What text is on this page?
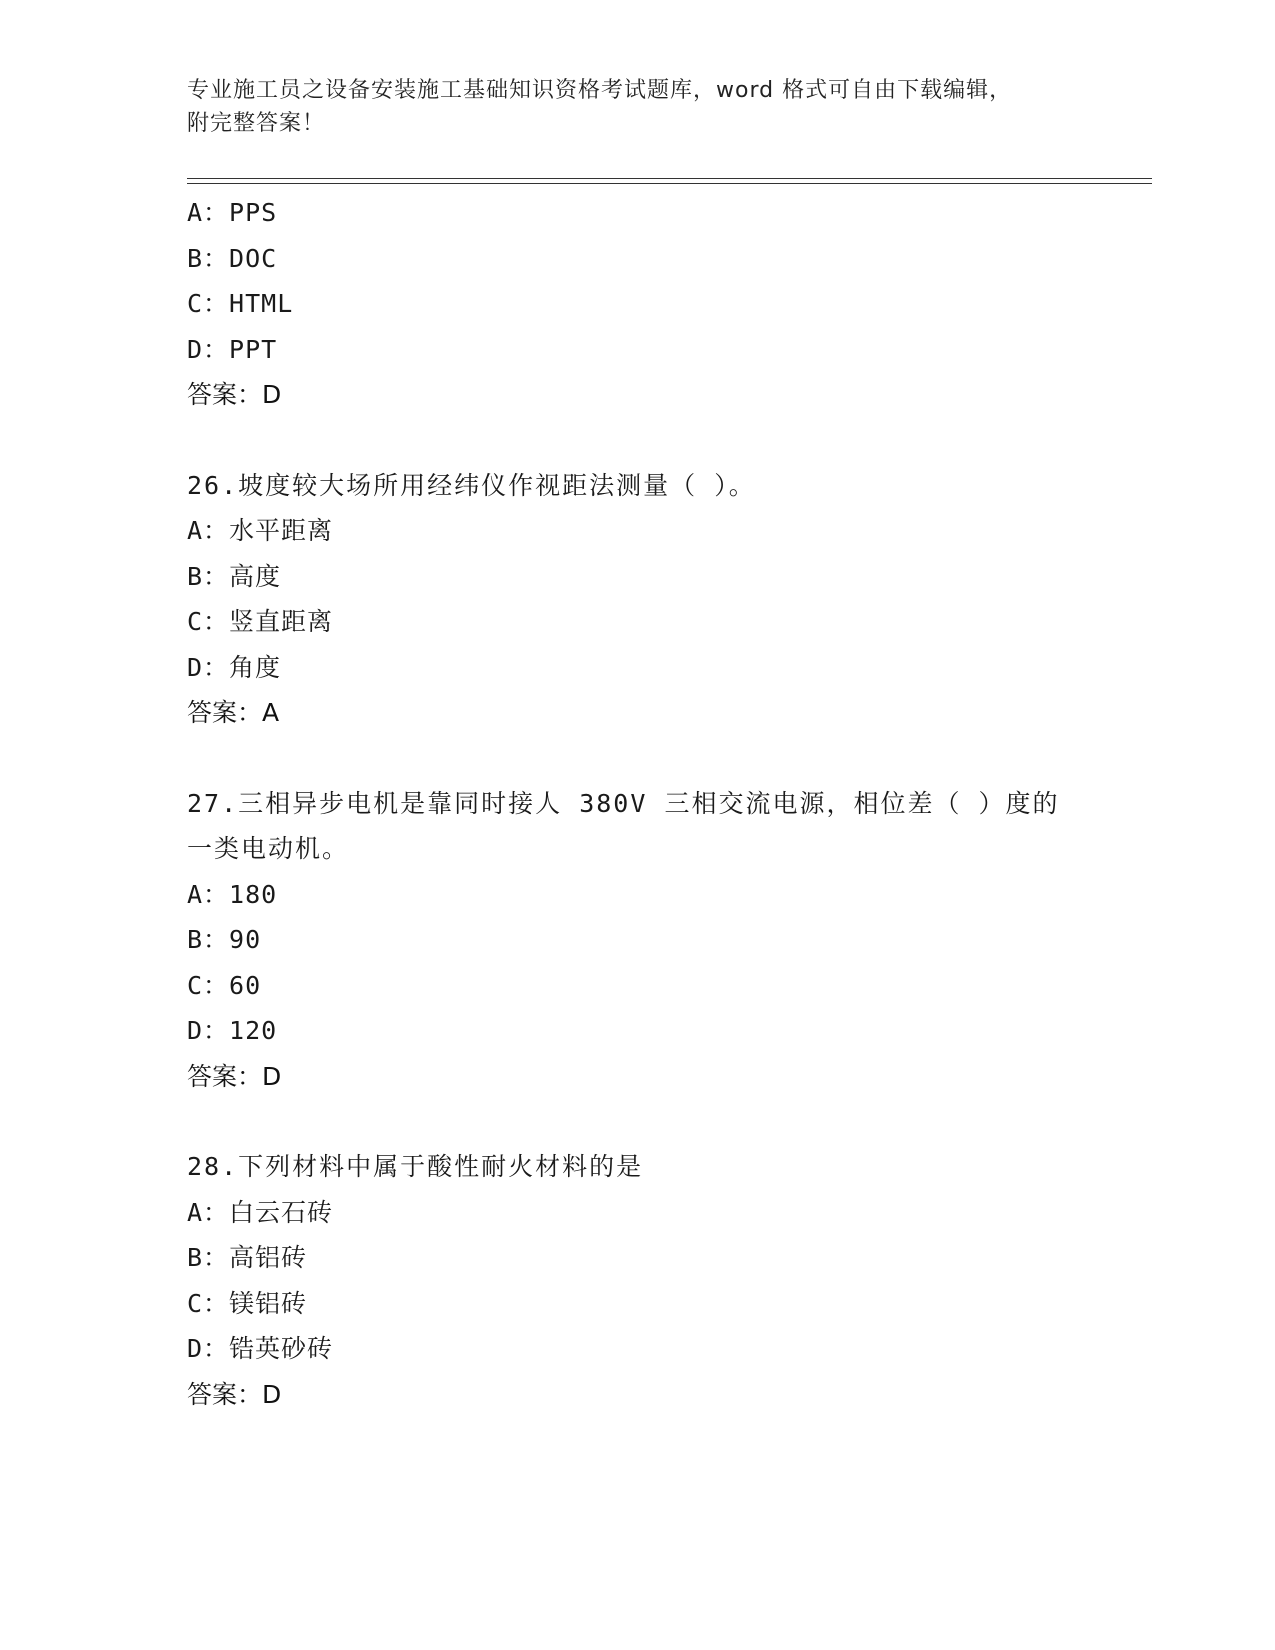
专业施工员之设备安装施工基础知识资格考试题库，word 格式可自由下载编辑，
附完整答案！
A：PPS
B：DOC
C：HTML
D：PPT
答案：D
26.坡度较大场所用经纬仪作视距法测量（ ）。
A：水平距离
B：高度
C：竖直距离
D：角度
答案：A
27.三相异步电机是靠同时接人 380V 三相交流电源，相位差（ ）度的
一类电动机。
A：180
B：90
C：60
D：120
答案：D
28.下列材料中属于酸性耐火材料的是
A：白云石砖
B：高铝砖
C：镁铝砖
D：锆英砂砖
答案：D
